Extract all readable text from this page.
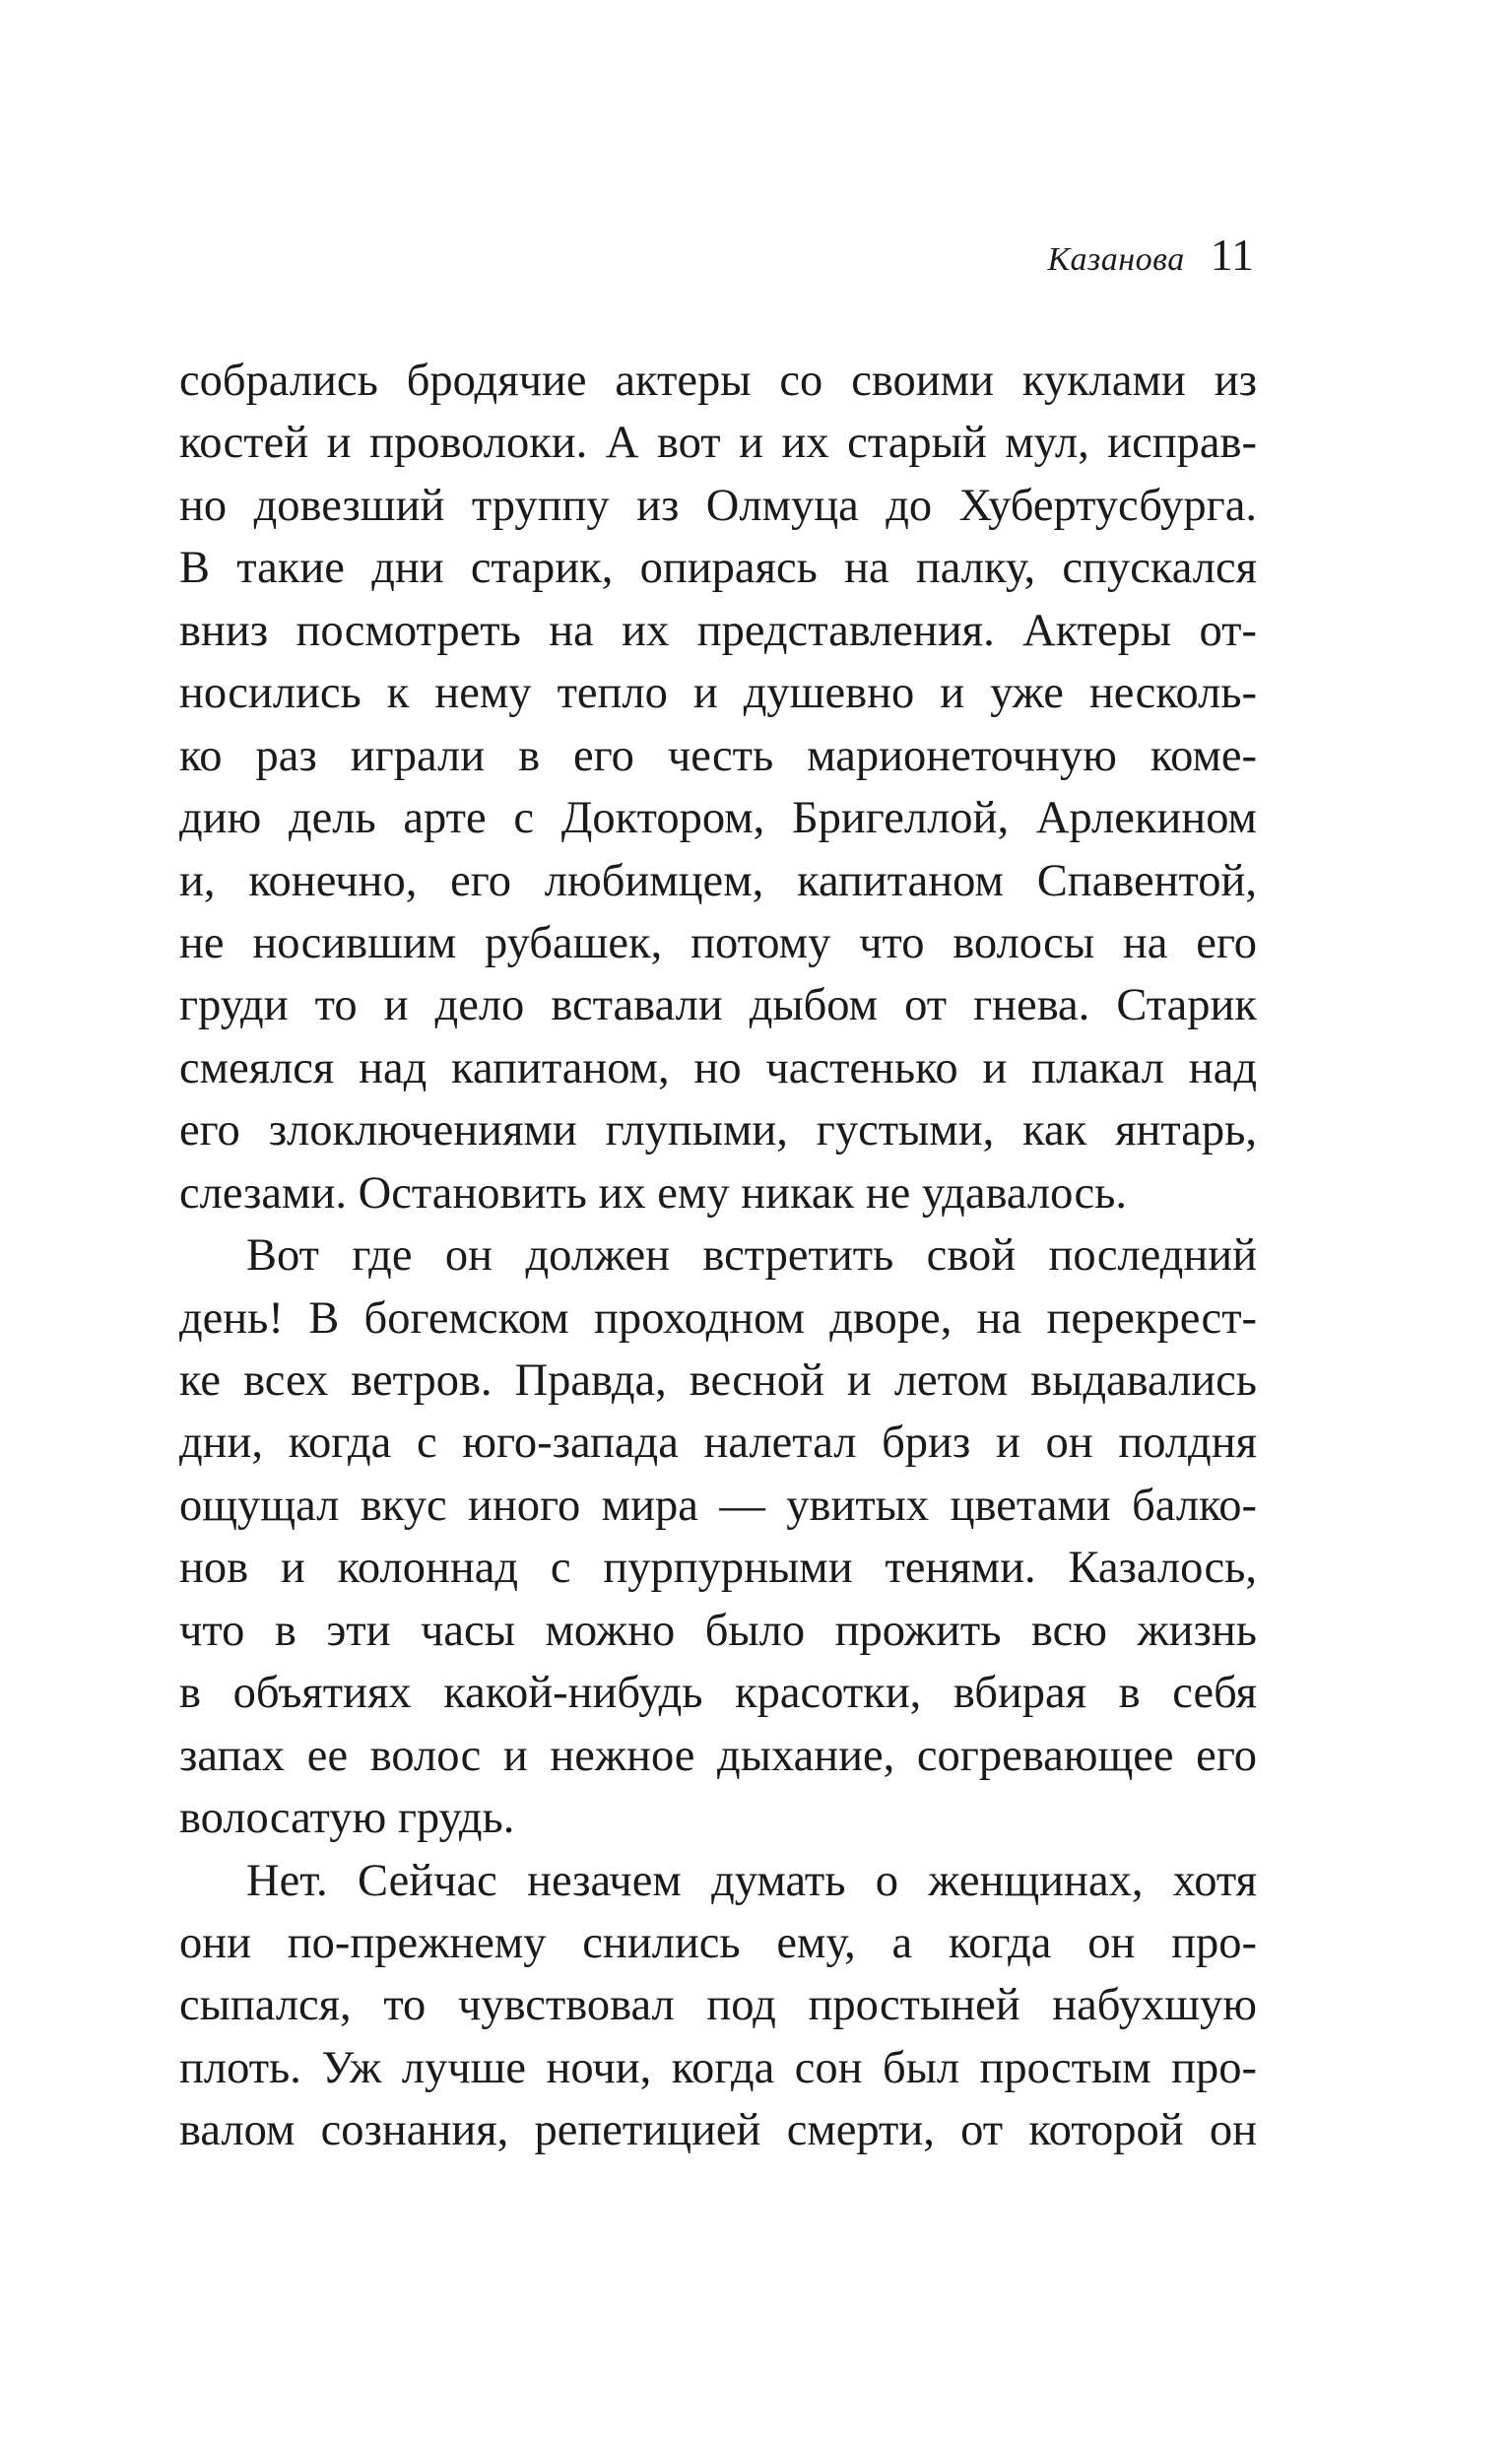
Казанова 11
собрались бродячие актеры со своими куклами из
костей и проволоки. А вот и их старый мул, исправ-
но довезший труппу из Олмуца до Хубертусбурга.
В такие дни старик, опираясь на палку, спускался
вниз посмотреть на их представления. Актеры от-
носились к нему тепло и душевно и уже несколь-
ко раз играли в его честь марионеточную коме-
дию дель арте с Доктором, Бригеллой, Арлекином
и, конечно, его любимцем, капитаном Спавентой,
не носившим рубашек, потому что волосы на его
груди то и дело вставали дыбом от гнева. Старик
смеялся над капитаном, но частенько и плакал над
его злоключениями глупыми, густыми, как янтарь,
слезами. Остановить их ему никак не удавалось.
Вот где он должен встретить свой последний
день! В богемском проходном дворе, на перекрест-
ке всех ветров. Правда, весной и летом выдавались
дни, когда с юго-запада налетал бриз и он полдня
ощущал вкус иного мира — увитых цветами балко-
нов и колоннад с пурпурными тенями. Казалось,
что в эти часы можно было прожить всю жизнь
в объятиях какой-нибудь красотки, вбирая в себя
запах ее волос и нежное дыхание, согревающее его
волосатую грудь.
Нет. Сейчас незачем думать о женщинах, хотя
они по-прежнему снились ему, а когда он про-
сыпался, то чувствовал под простыней набухшую
плоть. Уж лучше ночи, когда сон был простым про-
валом сознания, репетицией смерти, от которой он
